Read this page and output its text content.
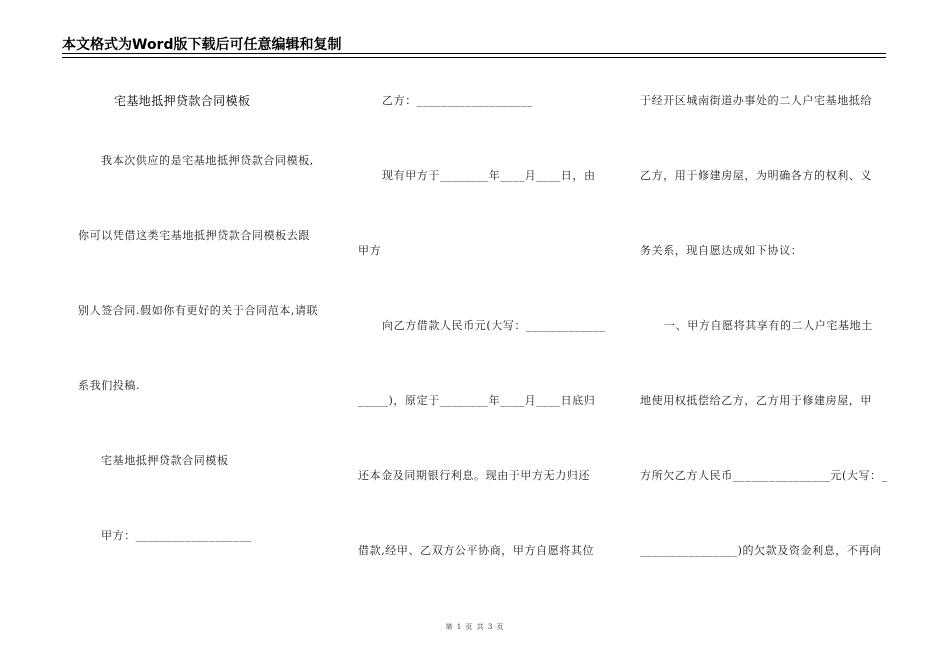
本文格式为Word版下载后可任意编辑和复制
宅基地抵押贷款合同模板
我本次供应的是宅基地抵押贷款合同模板,
你可以凭借这类宅基地抵押贷款合同模板去跟
别人签合同.假如你有更好的关于合同范本,请联
系我们投稿.
宅基地抵押贷款合同模板
甲方：___________________
乙方：___________________
现有甲方于________年____月____日，由
甲方
向乙方借款人民币元(大写：_____________
_____)，原定于________年____月____日底归
还本金及同期银行利息。现由于甲方无力归还
借款,经甲、乙双方公平协商，甲方自愿将其位
于经开区城南街道办事处的二人户宅基地抵给
乙方，用于修建房屋，为明确各方的权利、义
务关系，现自愿达成如下协议：
一、甲方自愿将其享有的二人户宅基地土
地使用权抵偿给乙方，乙方用于修建房屋，甲
方所欠乙方人民币________________元(大写：_
________________)的欠款及资金利息，不再向
第 1 页 共 3 页
